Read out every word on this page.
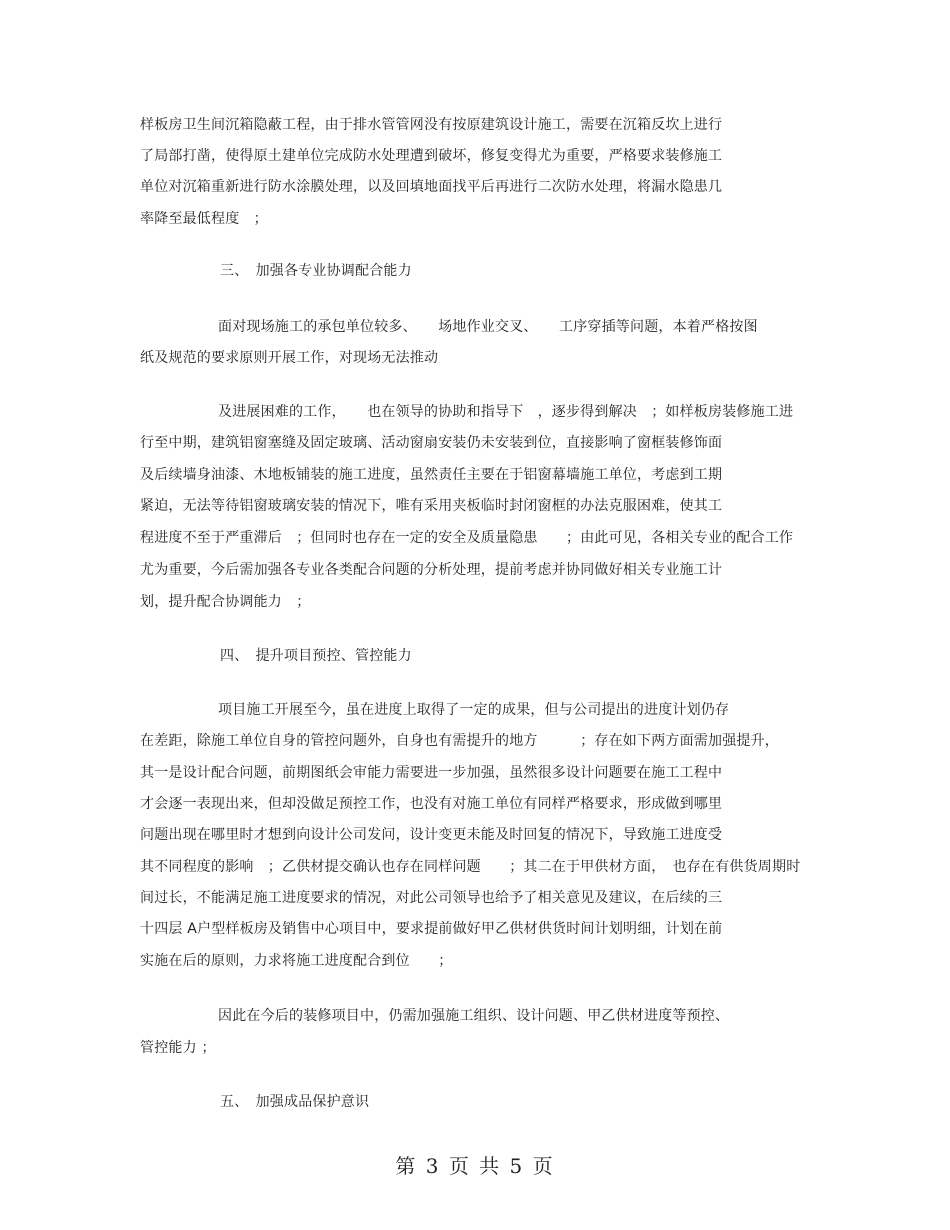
样板房卫生间沉箱隐蔽工程，由于排水管管网没有按原建筑设计施工，需要在沉箱反坎上进行
了局部打凿，使得原土建单位完成防水处理遭到破坏，修复变得尤为重要，严格要求装修施工
单位对沉箱重新进行防水涂膜处理，以及回填地面找平后再进行二次防水处理，将漏水隐患几
率降至最低程度　；
三、　加强各专业协调配合能力
面对现场施工的承包单位较多、　　场地作业交叉、　　工序穿插等问题，本着严格按图
纸及规范的要求原则开展工作，对现场无法推动
及进展困难的工作，　　也在领导的协助和指导下　，逐步得到解决　；如样板房装修施工进
行至中期，建筑铝窗塞缝及固定玻璃、活动窗扇安装仍未安装到位，直接影响了窗框装修饰面
及后续墙身油漆、木地板铺装的施工进度，虽然责任主要在于铝窗幕墙施工单位，考虑到工期
紧迫，无法等待铝窗玻璃安装的情况下，唯有采用夹板临时封闭窗框的办法克服困难，使其工
程进度不至于严重滞后　；但同时也存在一定的安全及质量隐患　　；由此可见，各相关专业的配合工作
尤为重要，今后需加强各专业各类配合问题的分析处理，提前考虑并协同做好相关专业施工计
划，提升配合协调能力　；
四、　提升项目预控、管控能力
项目施工开展至今，虽在进度上取得了一定的成果，但与公司提出的进度计划仍存
在差距，除施工单位自身的管控问题外，自身也有需提升的地方　　　；存在如下两方面需加强提升，
其一是设计配合问题，前期图纸会审能力需要进一步加强，虽然很多设计问题要在施工工程中
才会逐一表现出来，但却没做足预控工作，也没有对施工单位有同样严格要求，形成做到哪里
问题出现在哪里时才想到向设计公司发问，设计变更未能及时回复的情况下，导致施工进度受
其不同程度的影响　；乙供材提交确认也存在同样问题　　；其二在于甲供材方面，　也存在有供货周期时
间过长，不能满足施工进度要求的情况，对此公司领导也给予了相关意见及建议，在后续的三
十四层 A户型样板房及销售中心项目中，要求提前做好甲乙供材供货时间计划明细，计划在前
实施在后的原则，力求将施工进度配合到位　　；
因此在今后的装修项目中，仍需加强施工组织、设计问题、甲乙供材进度等预控、
管控能力 ；
五、　加强成品保护意识
第 3 页 共 5 页
